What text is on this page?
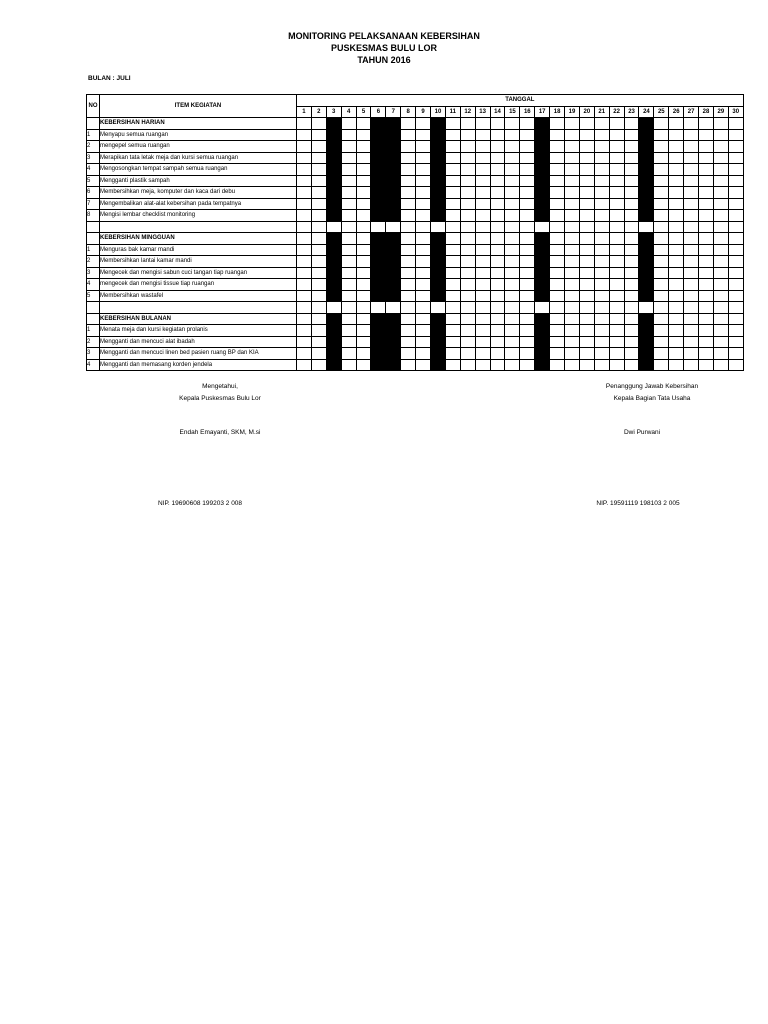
MONITORING PELAKSANAAN KEBERSIHAN
PUSKESMAS BULU LOR
TAHUN 2016
BULAN : JULI
NO	ITEM KEGIATAN	TANGGAL																													
		1	2	3	4	5	6	7	8	9	10	11	12	13	14	15	16	17	18	19	20	21	22	23	24	25	26	27	28	29	30
	KEBERSIHAN HARIAN																														
1	Menyapu semua ruangan																														
2	mengepel semua ruangan																														
3	Merapikan tata letak meja dan kursi semua ruangan																														
4	Mengosongkan tempat sampah semua ruangan																														
5	Mengganti plastik sampah																														
6	Membersihkan meja, komputer dan kaca dari debu																														
7	Mengembalikan alat-alat kebersihan pada tempatnya																														
8	Mengisi lembar checklist monitoring																														

	KEBERSIHAN MINGGUAN																														
1	Menguras bak kamar mandi																														
2	Membersihkan lantai kamar mandi																														
3	Mengecek dan mengisi sabun cuci tangan tiap ruangan																														
4	mengecek dan mengisi tissue tiap ruangan																														
5	Membersihkan wastafel																														

	KEBERSIHAN BULANAN																														
1	Menata meja dan kursi kegiatan prolanis																														
2	Mengganti dan mencuci alat ibadah																														
3	Mengganti dan mencuci linen bed pasien ruang BP dan KIA																														
4	Mengganti dan memasang korden jendela																														
Mengetahui,
Kepala Puskesmas Bulu Lor
Endah Emayanti, SKM, M.si
NIP. 19690608 199203 2 008
Penanggung Jawab Kebersihan
Kepala Bagian Tata Usaha
Dwi Purwani
NIP. 19591119 198103 2 005
